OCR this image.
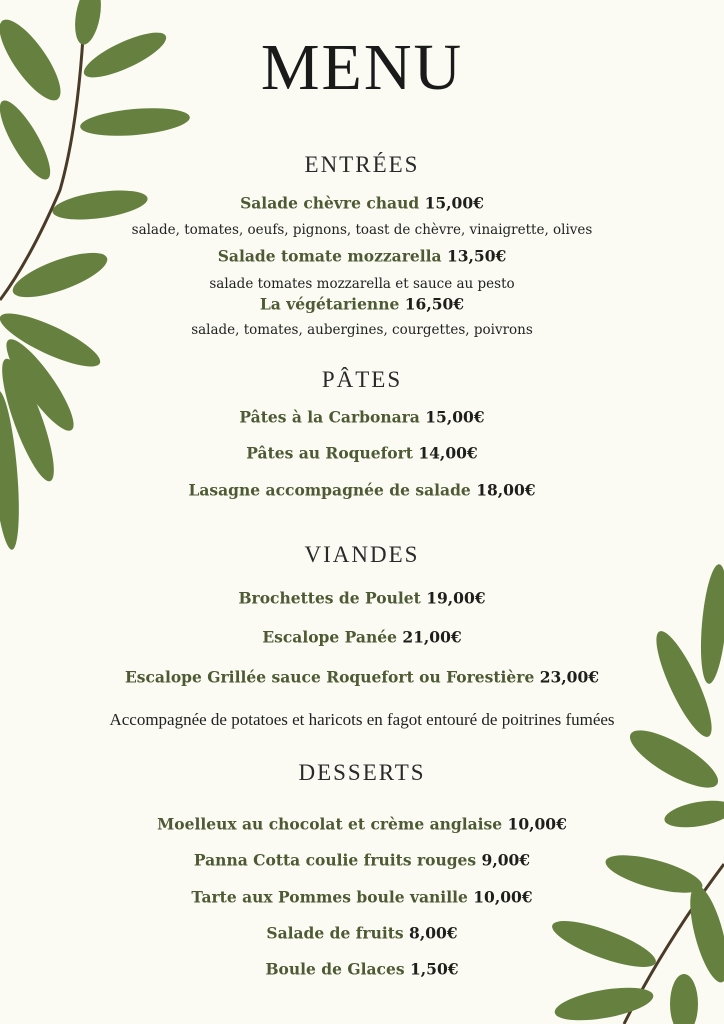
MENU
ENTRÉES
Salade chèvre chaud 15,00€
salade, tomates, oeufs, pignons, toast de chèvre, vinaigrette, olives
Salade tomate mozzarella 13,50€
salade tomates mozzarella et sauce au pesto
La végétarienne 16,50€
salade, tomates, aubergines, courgettes, poivrons
PÂTES
Pâtes à la Carbonara 15,00€
Pâtes au Roquefort 14,00€
Lasagne accompagnée de salade 18,00€
VIANDES
Brochettes de Poulet 19,00€
Escalope Panée 21,00€
Escalope Grillée sauce Roquefort ou Forestière 23,00€
Accompagnée de potatoes et haricots en fagot entouré de poitrines fumées
DESSERTS
Moelleux au chocolat et crème anglaise 10,00€
Panna Cotta coulie fruits rouges 9,00€
Tarte aux Pommes boule vanille 10,00€
Salade de fruits 8,00€
Boule de Glaces 1,50€
